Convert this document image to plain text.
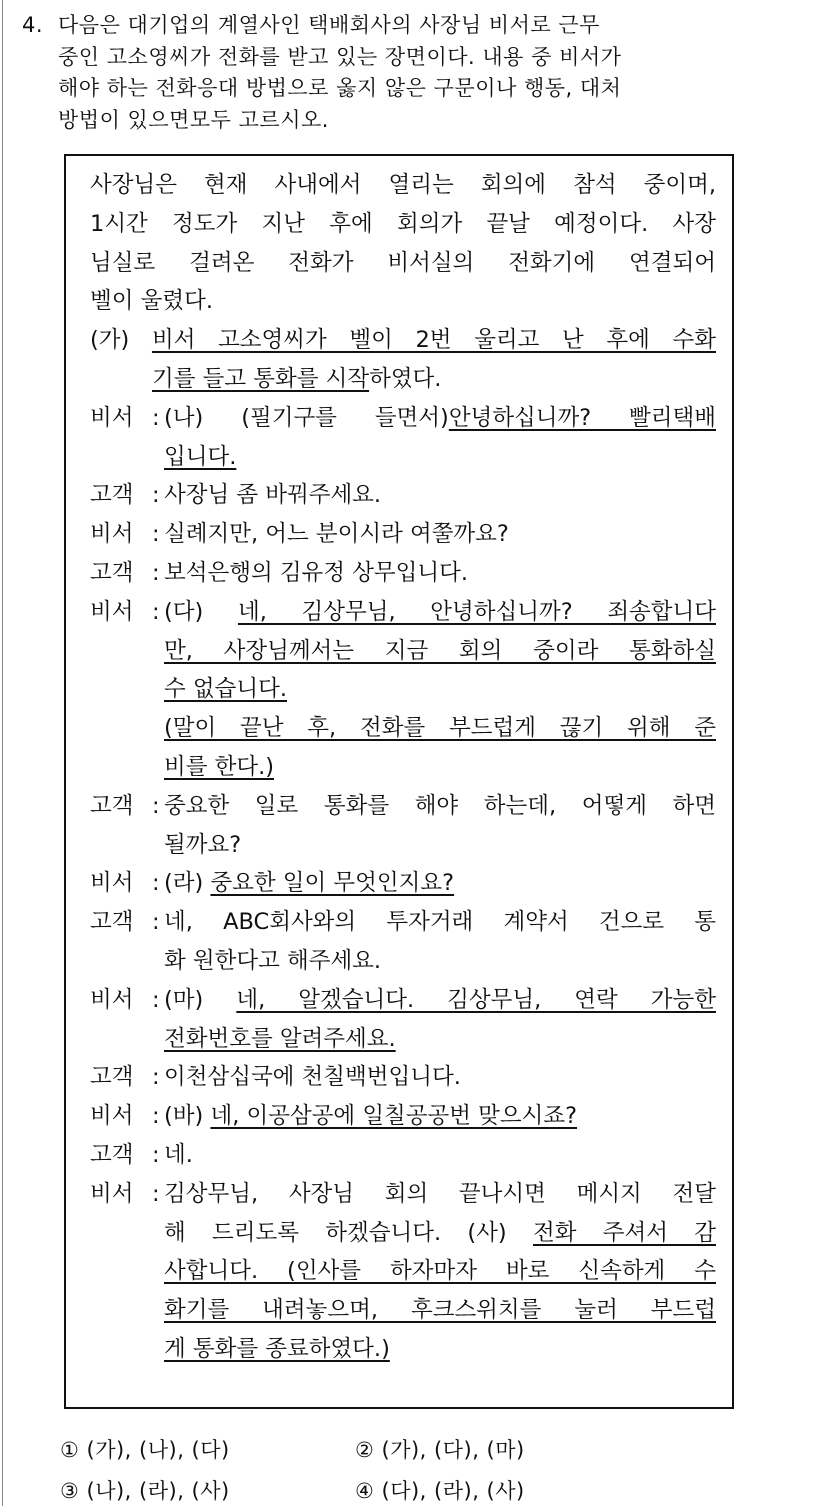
4. 다음은 대기업의 계열사인 택배회사의 사장님 비서로 근무
중인 고소영씨가 전화를 받고 있는 장면이다. 내용 중 비서가
해야 하는 전화응대 방법으로 옳지 않은 구문이나 행동, 대처
방법이 있으면모두 고르시오.
사장님은 현재 사내에서 열리는 회의에 참석 중이며,
1시간 정도가 지난 후에 회의가 끝날 예정이다. 사장
님실로 걸려온 전화가 비서실의 전화기에 연결되어
벨이 울렸다.
(가) 비서 고소영씨가 벨이 2번 울리고 난 후에 수화
기를 들고 통화를 시작하였다.
비서 : (나) (필기구를 들면서)안녕하십니까? 빨리택배
입니다.
고객 : 사장님 좀 바꿔주세요.
비서 : 실례지만, 어느 분이시라 여쭐까요?
고객 : 보석은행의 김유정 상무입니다.
비서 : (다) 네, 김상무님, 안녕하십니까? 죄송합니다
만, 사장님께서는 지금 회의 중이라 통화하실
수 없습니다.
(말이 끝난 후, 전화를 부드럽게 끊기 위해 준
비를 한다.)
고객 : 중요한 일로 통화를 해야 하는데, 어떻게 하면
될까요?
비서 : (라) 중요한 일이 무엇인지요?
고객 : 네, ABC회사와의 투자거래 계약서 건으로 통
화 원한다고 해주세요.
비서 : (마) 네, 알겠습니다. 김상무님, 연락 가능한
전화번호를 알려주세요.
고객 : 이천삼십국에 천칠백번입니다.
비서 : (바) 네, 이공삼공에 일칠공공번 맞으시죠?
고객 : 네.
비서 : 김상무님, 사장님 회의 끝나시면 메시지 전달
해 드리도록 하겠습니다. (사) 전화 주셔서 감
사합니다. (인사를 하자마자 바로 신속하게 수
화기를 내려놓으며, 후크스위치를 눌러 부드럽
게 통화를 종료하였다.)
① (가), (나), (다)	② (가), (다), (마)
③ (나), (라), (사)	④ (다), (라), (사)
